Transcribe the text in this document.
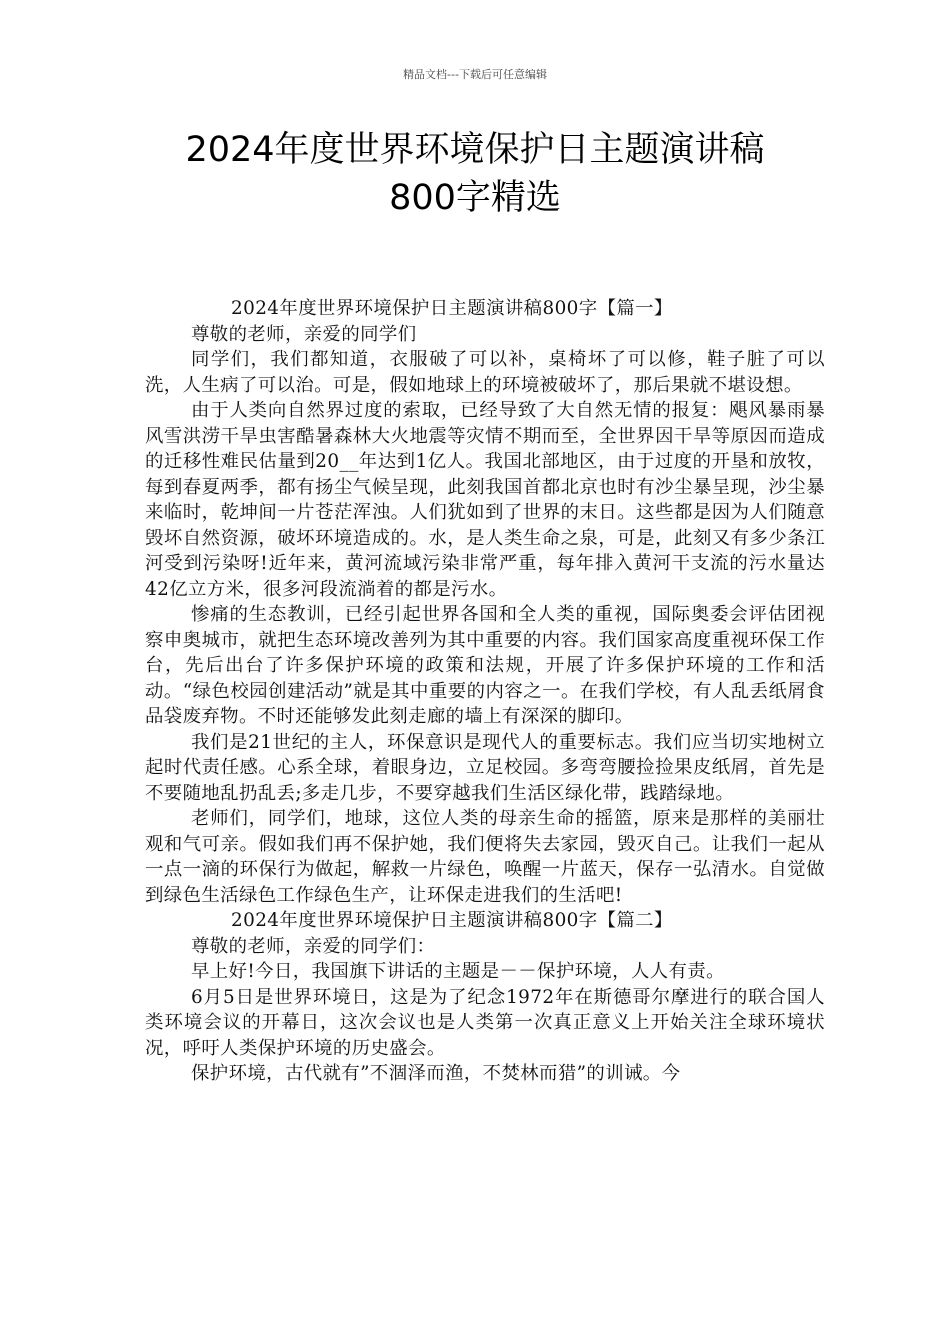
精品文档---下载后可任意编辑
2024年度世界环境保护日主题演讲稿
800字精选

2024年度世界环境保护日主题演讲稿800字【篇一】

尊敬的老师，亲爱的同学们

同学们，我们都知道，衣服破了可以补，桌椅坏了可以修，鞋子脏了可以洗，人生病了可以治。可是，假如地球上的环境被破坏了，那后果就不堪设想。

由于人类向自然界过度的索取，已经导致了大自然无情的报复：飓风暴雨暴风雪洪涝干旱虫害酷暑森林大火地震等灾情不期而至，全世界因干旱等原因而造成的迁移性难民估量到20__年达到1亿人。我国北部地区，由于过度的开垦和放牧，每到春夏两季，都有扬尘气候呈现，此刻我国首都北京也时有沙尘暴呈现，沙尘暴来临时，乾坤间一片苍茫浑浊。人们犹如到了世界的末日。这些都是因为人们随意毁坏自然资源，破坏环境造成的。水，是人类生命之泉，可是，此刻又有多少条江河受到污染呀!近年来，黄河流域污染非常严重，每年排入黄河干支流的污水量达42亿立方米，很多河段流淌着的都是污水。

惨痛的生态教训，已经引起世界各国和全人类的重视，国际奥委会评估团视察申奥城市，就把生态环境改善列为其中重要的内容。我们国家高度重视环保工作台，先后出台了许多保护环境的政策和法规，开展了许多保护环境的工作和活动。“绿色校园创建活动”就是其中重要的内容之一。在我们学校，有人乱丢纸屑食品袋废弃物。不时还能够发此刻走廊的墙上有深深的脚印。

我们是21世纪的主人，环保意识是现代人的重要标志。我们应当切实地树立起时代责任感。心系全球，着眼身边，立足校园。多弯弯腰捡捡果皮纸屑，首先是不要随地乱扔乱丢;多走几步，不要穿越我们生活区绿化带，践踏绿地。

老师们，同学们，地球，这位人类的母亲生命的摇篮，原来是那样的美丽壮观和气可亲。假如我们再不保护她，我们便将失去家园，毁灭自己。让我们一起从一点一滴的环保行为做起，解救一片绿色，唤醒一片蓝天，保存一弘清水。自觉做到绿色生活绿色工作绿色生产，让环保走进我们的生活吧!

2024年度世界环境保护日主题演讲稿800字【篇二】

尊敬的老师，亲爱的同学们：

早上好!今日，我国旗下讲话的主题是－－保护环境，人人有责。

6月5日是世界环境日，这是为了纪念1972年在斯德哥尔摩进行的联合国人类环境会议的开幕日，这次会议也是人类第一次真正意义上开始关注全球环境状况，呼吁人类保护环境的历史盛会。

保护环境，古代就有”不涸泽而渔，不焚林而猎”的训诫。今
